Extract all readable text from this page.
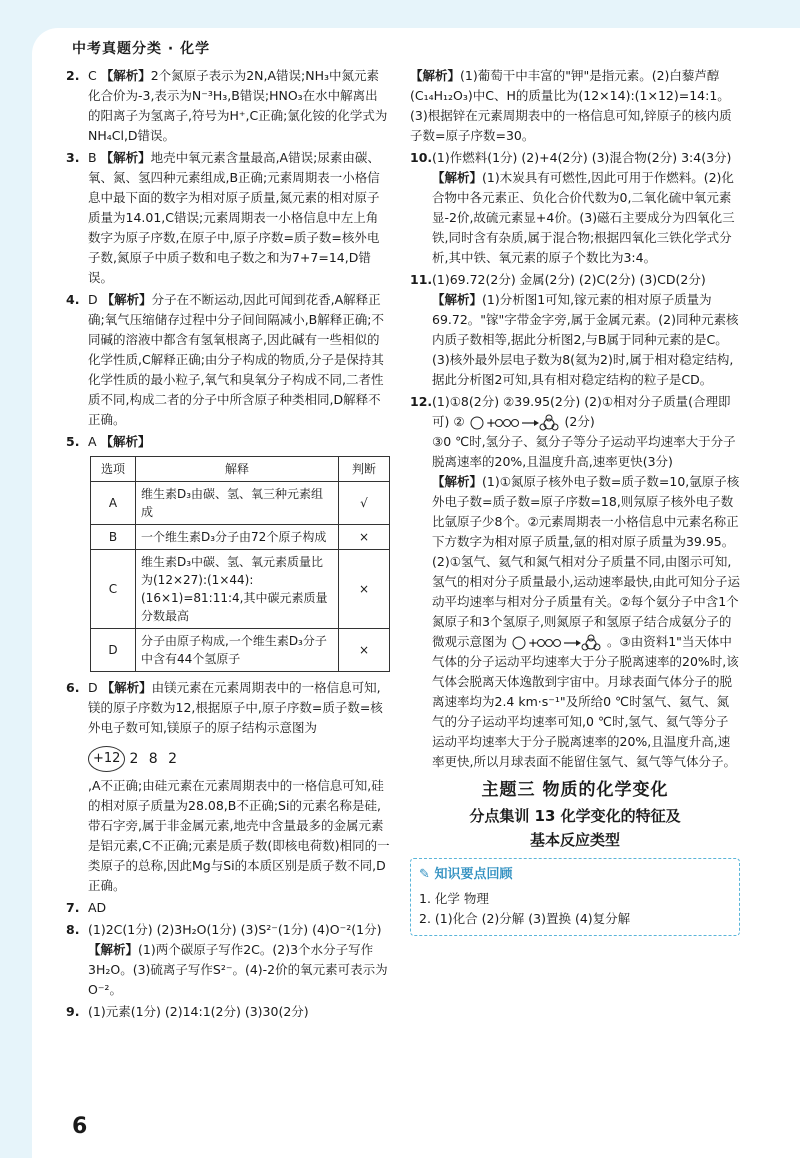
中考真题分类 · 化学
2. C 【解析】2个氮原子表示为2N,A错误;NH₃中氮元素化合价为-3,表示为N⁻³H₃,B错误;HNO₃在水中解离出的阳离子为氢离子,符号为H⁺,C正确;氯化铵的化学式为NH₄Cl,D错误。
3. B 【解析】地壳中氧元素含量最高,A错误;尿素由碳、氧、氮、氢四种元素组成,B正确;元素周期表一小格信息中最下面的数字为相对原子质量,氮元素的相对原子质量为14.01,C错误;元素周期表一小格信息中左上角数字为原子序数,在原子中,原子序数=质子数=核外电子数,氮原子中质子数和电子数之和为7+7=14,D错误。
4. D 【解析】分子在不断运动,因此可闻到花香,A解释正确;氧气压缩储存过程中分子间间隔减小,B解释正确;不同碱的溶液中都含有氢氧根离子,因此碱有一些相似的化学性质,C解释正确;由分子构成的物质,分子是保持其化学性质的最小粒子,氧气和臭氧分子构成不同,二者性质不同,构成二者的分子中所含原子种类相同,D解释不正确。
5. A 【解析】
选项	解释	判断
A	维生素D₃由碳、氢、氧三种元素组成	√
B	一个维生素D₃分子由72个原子构成	×
C	维生素D₃中碳、氢、氧元素质量比为(12×27):(1×44):(16×1)=81:11:4,其中碳元素质量分数最高	×
D	分子由原子构成,一个维生素D₃分子中含有44个氢原子	×
6. D 【解析】由镁元素在元素周期表中的一格信息可知,镁的原子序数为12,根据原子中,原子序数=质子数=核外电子数可知,镁原子的原子结构示意图为
+12 2 8 2
,A不正确;由硅元素在元素周期表中的一格信息可知,硅的相对原子质量为28.08,B不正确;Si的元素名称是硅,带石字旁,属于非金属元素,地壳中含量最多的金属元素是铝元素,C不正确;元素是质子数(即核电荷数)相同的一类原子的总称,因此Mg与Si的本质区别是质子数不同,D正确。
7. AD
8. (1)2C(1分) (2)3H₂O(1分) (3)S²⁻(1分) (4)O⁻²(1分)
【解析】(1)两个碳原子写作2C。(2)3个水分子写作3H₂O。(3)硫离子写作S²⁻。(4)-2价的氧元素可表示为O⁻²。
9. (1)元素(1分) (2)14:1(2分) (3)30(2分)
【解析】(1)葡萄干中丰富的"钾"是指元素。(2)白藜芦醇(C₁₄H₁₂O₃)中C、H的质量比为(12×14):(1×12)=14:1。(3)根据锌在元素周期表中的一格信息可知,锌原子的核内质子数=原子序数=30。
10. (1)作燃料(1分) (2)+4(2分) (3)混合物(2分) 3:4(3分)
【解析】(1)木炭具有可燃性,因此可用于作燃料。(2)化合物中各元素正、负化合价代数为0,二氧化硫中氧元素显-2价,故硫元素显+4价。(3)磁石主要成分为四氧化三铁,同时含有杂质,属于混合物;根据四氧化三铁化学式分析,其中铁、氧元素的原子个数比为3:4。
11. (1)69.72(2分) 金属(2分) (2)C(2分) (3)CD(2分)
【解析】(1)分析图1可知,镓元素的相对原子质量为69.72。"镓"字带金字旁,属于金属元素。(2)同种元素核内质子数相等,据此分析图2,与B属于同种元素的是C。(3)核外最外层电子数为8(氦为2)时,属于相对稳定结构,据此分析图2可知,具有相对稳定结构的粒子是CD。
12. (1)①8(2分) ②39.95(2分) (2)①相对分子质量(合理即可) ② +	(2分)
③0 ℃时,氢分子、氦分子等分子运动平均速率大于分子脱离速率的20%,且温度升高,速率更快(3分)
【解析】(1)①氮原子核外电子数=质子数=10,氩原子核外电子数=质子数=原子序数=18,则氖原子核外电子数比氩原子少8个。②元素周期表一小格信息中元素名称正下方数字为相对原子质量,氩的相对原子质量为39.95。(2)①氢气、氦气和氮气相对分子质量不同,由图示可知,氢气的相对分子质量最小,运动速率最快,由此可知分子运动平均速率与相对分子质量有关。②每个氨分子中含1个氮原子和3个氢原子,则氮原子和氢原子结合成氨分子的微观示意图为 +	。③由资料1"当天体中气体的分子运动平均速率大于分子脱离速率的20%时,该气体会脱离天体逸散到宇宙中。月球表面气体分子的脱离速率均为2.4 km·s⁻¹"及所给0 ℃时氢气、氦气、氮气的分子运动平均速率可知,0 ℃时,氢气、氦气等分子运动平均速率大于分子脱离速率的20%,且温度升高,速率更快,所以月球表面不能留住氢气、氦气等气体分子。
主题三 物质的化学变化
分点集训 13 化学变化的特征及
基本反应类型
✎ 知识要点回顾
1. 化学 物理
2. (1)化合 (2)分解 (3)置换 (4)复分解
6
